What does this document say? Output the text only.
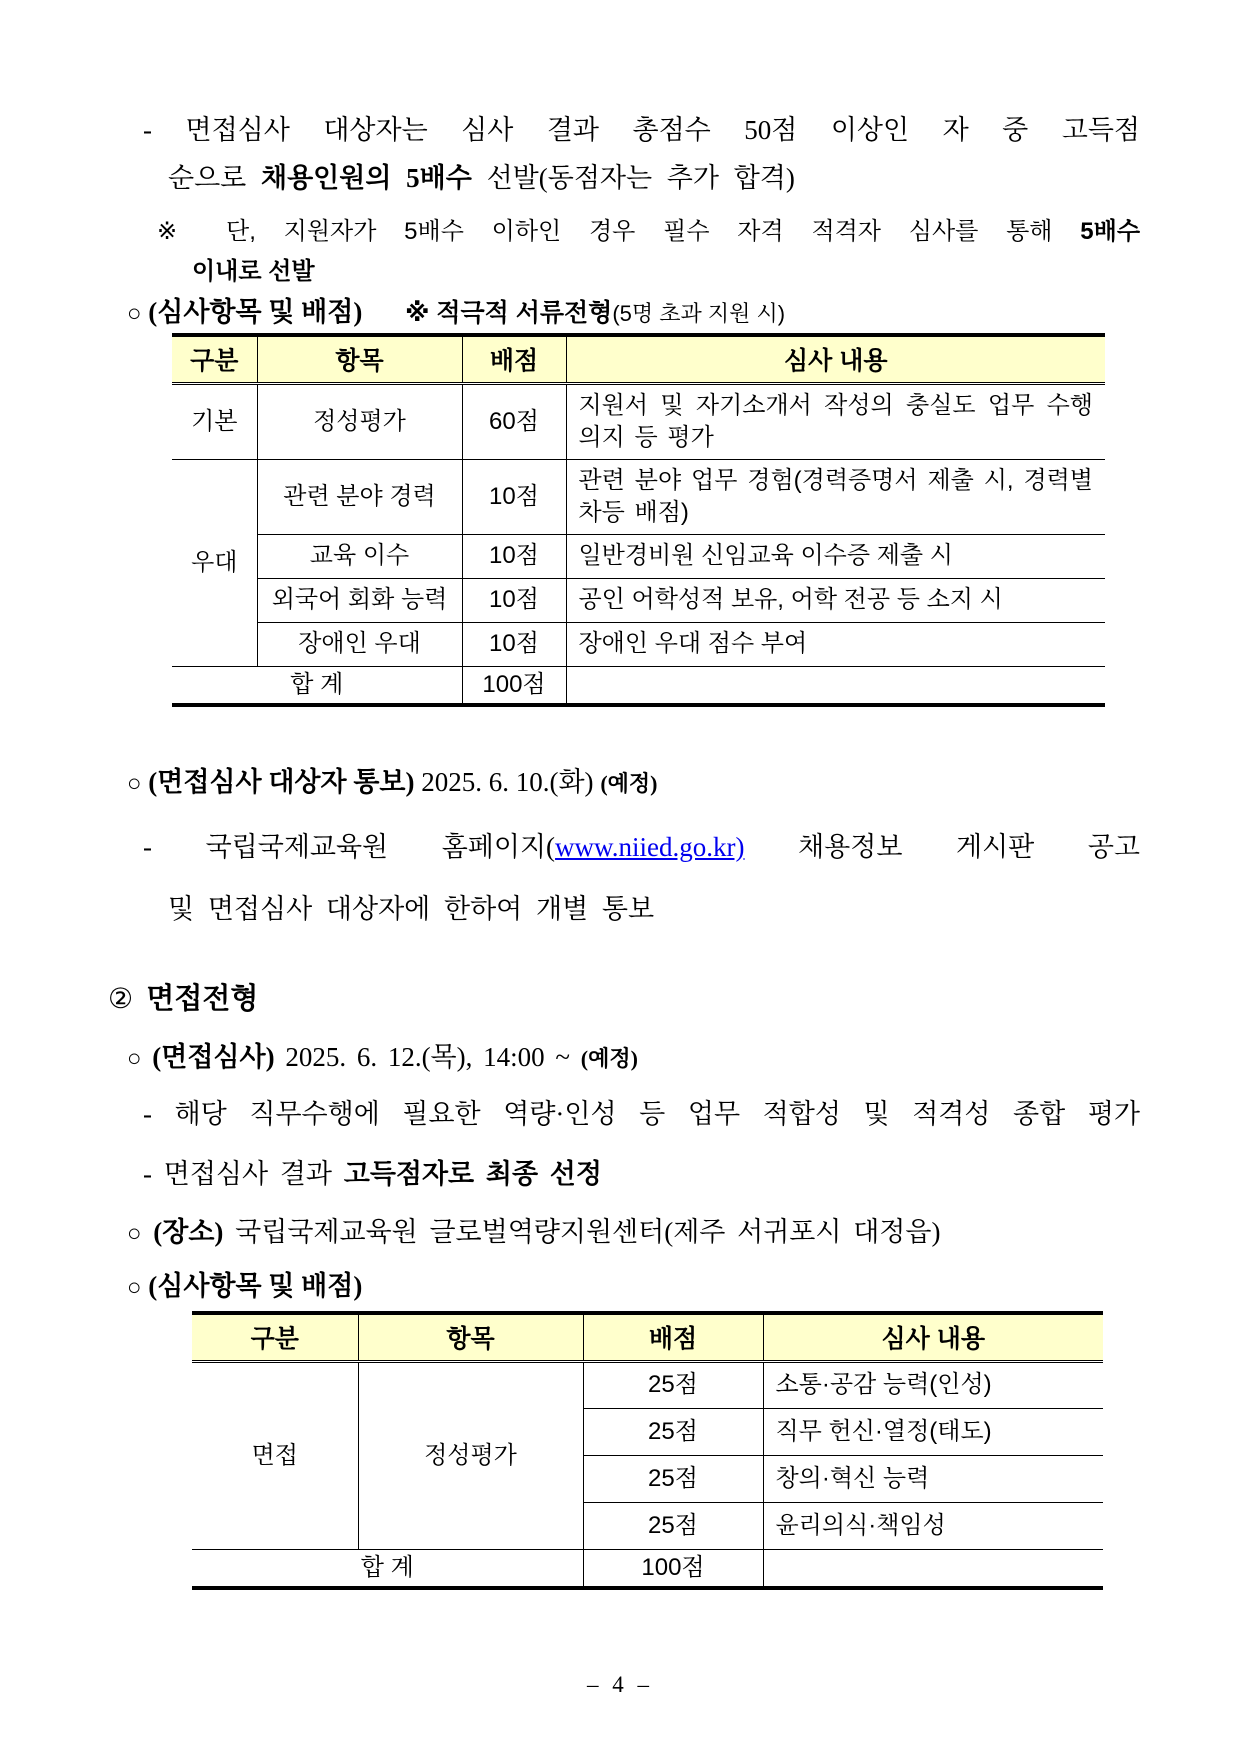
- 면접심사 대상자는 심사 결과 총점수 50점 이상인 자 중 고득점
순으로 채용인원의 5배수 선발(동점자는 추가 합격)
※ 단, 지원자가 5배수 이하인 경우 필수 자격 적격자 심사를 통해 5배수
이내로 선발
○ (심사항목 및 배점) ※ 적극적 서류전형(5명 초과 지원 시)
구분	항목	배점	심사 내용
기본	정성평가	60점	지원서 및 자기소개서 작성의 충실도 업무 수행의지 등 평가
우대	관련 분야 경력	10점	관련 분야 업무 경험(경력증명서 제출 시, 경력별 차등 배점)
	교육 이수	10점	일반경비원 신임교육 이수증 제출 시
	외국어 회화 능력	10점	공인 어학성적 보유, 어학 전공 등 소지 시
	장애인 우대	10점	장애인 우대 점수 부여
합 계		100점	
○ (면접심사 대상자 통보) 2025. 6. 10.(화) (예정)
- 국립국제교육원 홈페이지(www.niied.go.kr) 채용정보 게시판 공고
및 면접심사 대상자에 한하여 개별 통보
② 면접전형
○ (면접심사) 2025. 6. 12.(목), 14:00 ~ (예정)
- 해당 직무수행에 필요한 역량·인성 등 업무 적합성 및 적격성 종합 평가
- 면접심사 결과 고득점자로 최종 선정
○ (장소) 국립국제교육원 글로벌역량지원센터(제주 서귀포시 대정읍)
○ (심사항목 및 배점)
구분	항목	배점	심사 내용
면접	정성평가	25점	소통·공감 능력(인성)
		25점	직무 헌신·열정(태도)
		25점	창의·혁신 능력
		25점	윤리의식·책임성
합 계		100점	
– 4 –
